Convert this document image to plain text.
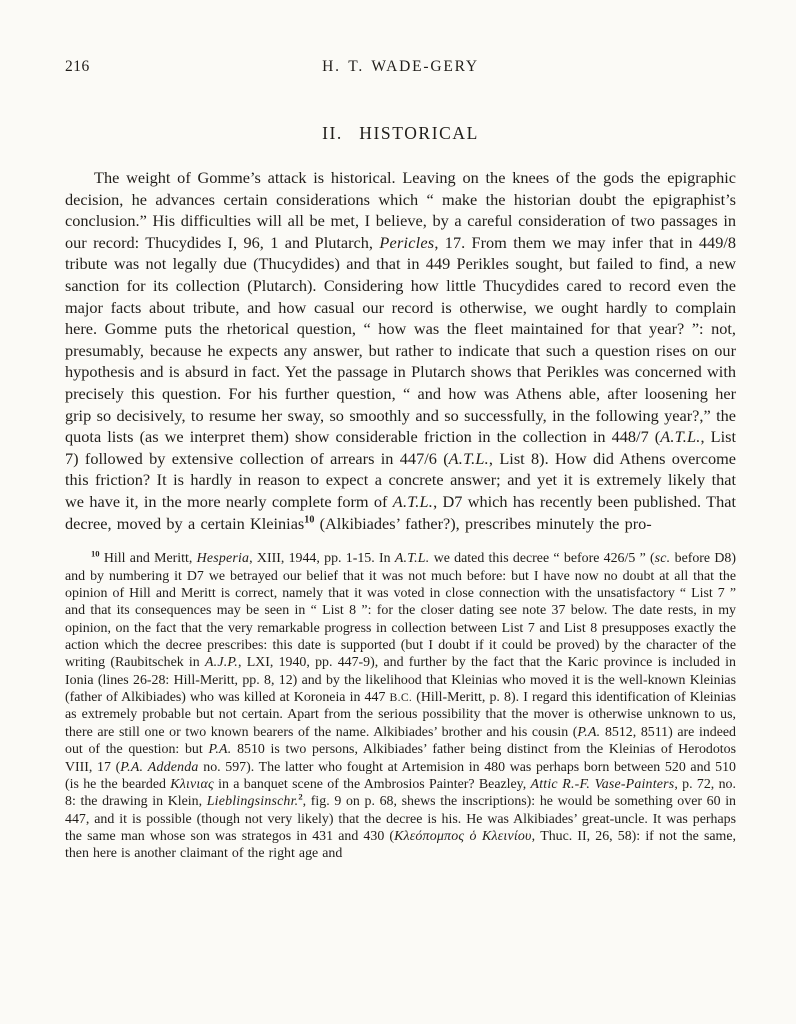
216	H. T. WADE-GERY
II.  HISTORICAL

The weight of Gomme’s attack is historical. Leaving on the knees of the gods the epigraphic decision, he advances certain considerations which “ make the historian doubt the epigraphist’s conclusion.” His difficulties will all be met, I believe, by a careful consideration of two passages in our record: Thucydides I, 96, 1 and Plutarch, Pericles, 17. From them we may infer that in 449/8 tribute was not legally due (Thucydides) and that in 449 Perikles sought, but failed to find, a new sanction for its collection (Plutarch). Considering how little Thucydides cared to record even the major facts about tribute, and how casual our record is otherwise, we ought hardly to complain here. Gomme puts the rhetorical question, “ how was the fleet maintained for that year? ”: not, presumably, because he expects any answer, but rather to indicate that such a question rises on our hypothesis and is absurd in fact. Yet the passage in Plutarch shows that Perikles was concerned with precisely this question. For his further question, “ and how was Athens able, after loosening her grip so decisively, to resume her sway, so smoothly and so successfully, in the following year?,” the quota lists (as we interpret them) show considerable friction in the collection in 448/7 (A.T.L., List 7) followed by extensive collection of arrears in 447/6 (A.T.L., List 8). How did Athens overcome this friction? It is hardly in reason to expect a concrete answer; and yet it is extremely likely that we have it, in the more nearly complete form of A.T.L., D7 which has recently been published. That decree, moved by a certain Kleinias$^{10}$ (Alkibiades’ father?), prescribes minutely the pro-

$^{10}$ Hill and Meritt, Hesperia, XIII, 1944, pp. 1-15. In A.T.L. we dated this decree “ before 426/5 ” (sc. before D8) and by numbering it D7 we betrayed our belief that it was not much before: but I have now no doubt at all that the opinion of Hill and Meritt is correct, namely that it was voted in close connection with the unsatisfactory “ List 7 ” and that its consequences may be seen in “ List 8 ”: for the closer dating see note 37 below. The date rests, in my opinion, on the fact that the very remarkable progress in collection between List 7 and List 8 presupposes exactly the action which the decree prescribes: this date is supported (but I doubt if it could be proved) by the character of the writing (Raubitschek in A.J.P., LXI, 1940, pp. 447-9), and further by the fact that the Karic province is included in Ionia (lines 26-28: Hill-Meritt, pp. 8, 12) and by the likelihood that Kleinias who moved it is the well-known Kleinias (father of Alkibiades) who was killed at Koroneia in 447 B.C. (Hill-Meritt, p. 8). I regard this identification of Kleinias as extremely probable but not certain. Apart from the serious possibility that the mover is otherwise unknown to us, there are still one or two known bearers of the name. Alkibiades’ brother and his cousin (P.A. 8512, 8511) are indeed out of the question: but P.A. 8510 is two persons, Alkibiades’ father being distinct from the Kleinias of Herodotos VIII, 17 (P.A. Addenda no. 597). The latter who fought at Artemision in 480 was perhaps born between 520 and 510 (is he the bearded Κλινιας in a banquet scene of the Ambrosios Painter? Beazley, Attic R.-F. Vase-Painters, p. 72, no. 8: the drawing in Klein, Lieblingsinschr.$^2$, fig. 9 on p. 68, shews the inscriptions): he would be something over 60 in 447, and it is possible (though not very likely) that the decree is his. He was Alkibiades’ great-uncle. It was perhaps the same man whose son was strategos in 431 and 430 (Κλεόπομπος ὁ Κλεινίου, Thuc. II, 26, 58): if not the same, then here is another claimant of the right age and
